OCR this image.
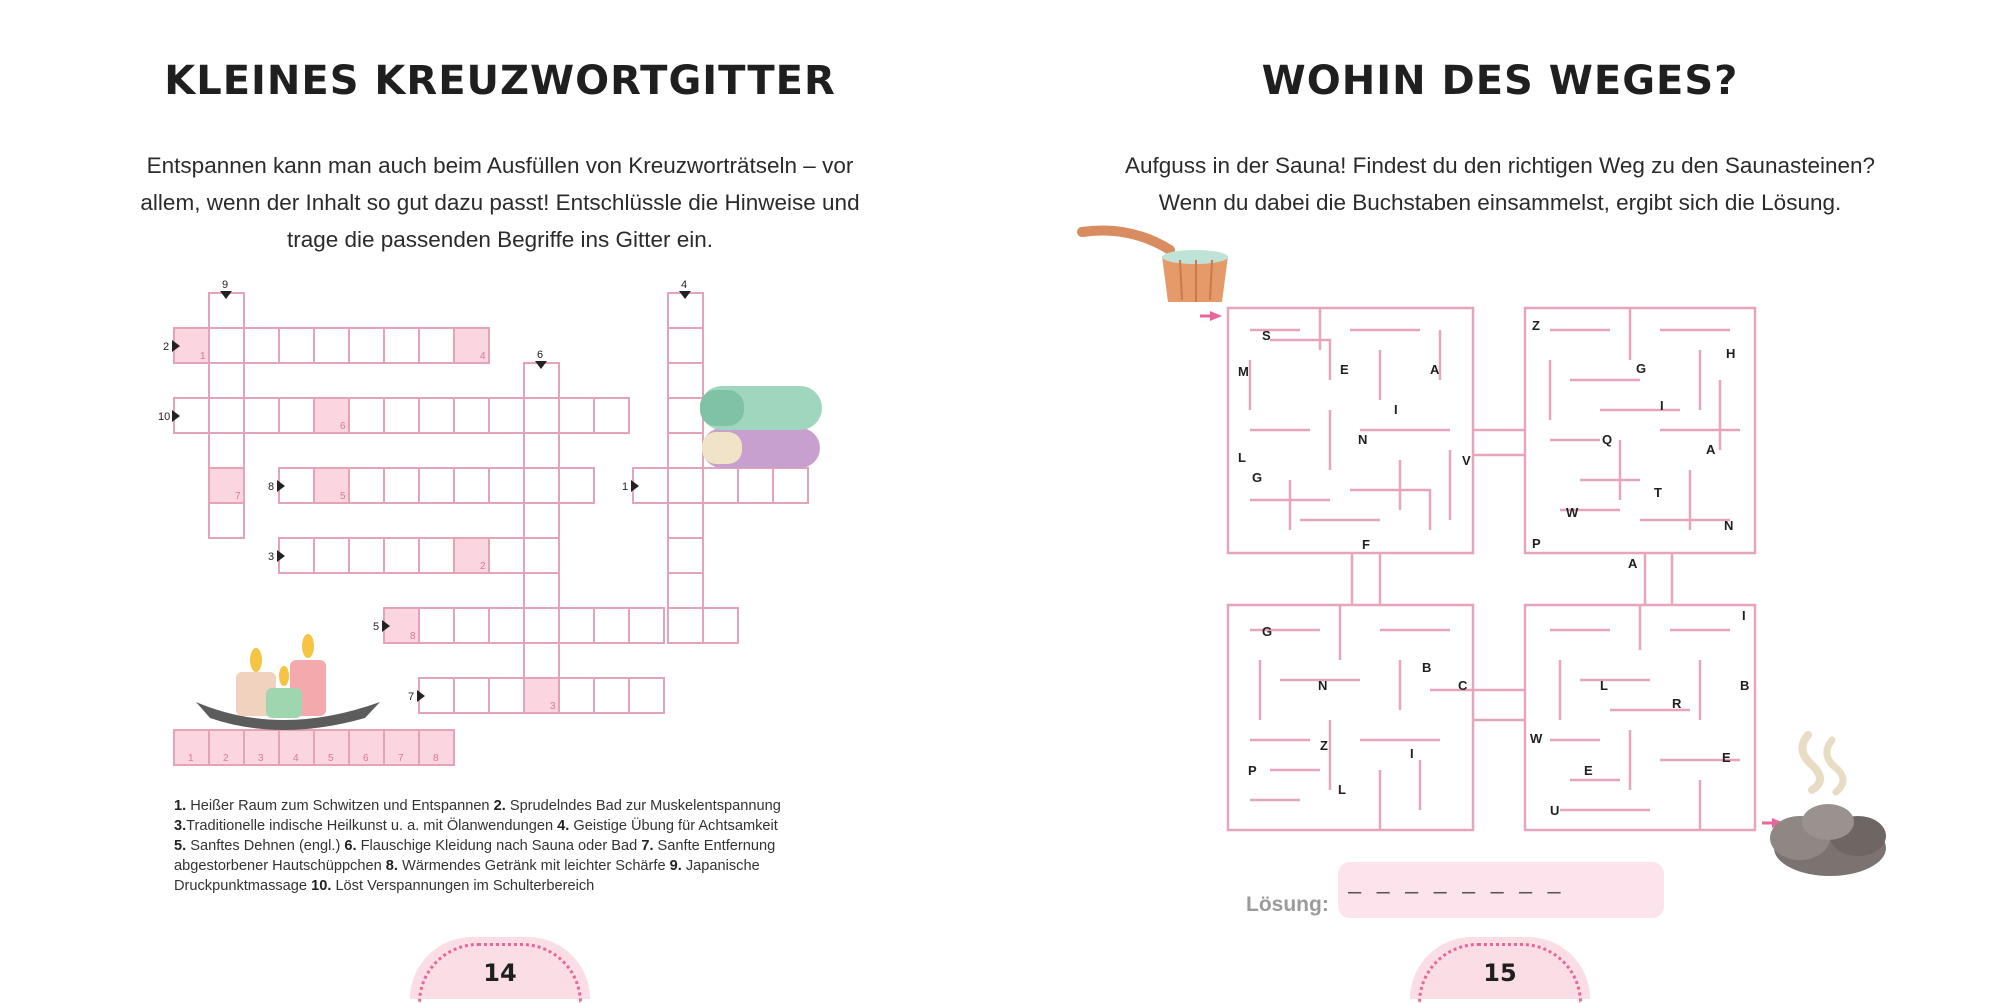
KLEINES KREUZWORTGITTER

Entspannen kann man auch beim Ausfüllen von Kreuzworträtseln – vor allem, wenn der Inhalt so gut dazu passt! Entschlüssle die Hinweise und trage die passenden Begriffe ins Gitter ein.

9	4
6
2
10
8	1
3
5
7
1	4
6
7	5
2
8
3
1	2	3	4	5	6	7	8

1. Heißer Raum zum Schwitzen und Entspannen 2. Sprudelndes Bad zur Muskelentspannung
3.Traditionelle indische Heilkunst u. a. mit Ölanwendungen 4. Geistige Übung für Achtsamkeit
5. Sanftes Dehnen (engl.) 6. Flauschige Kleidung nach Sauna oder Bad 7. Sanfte Entfernung abgestorbener Hautschüppchen 8. Wärmendes Getränk mit leichter Schärfe 9. Japanische Druckpunktmassage 10. Löst Verspannungen im Schulterbereich

14
WOHIN DES WEGES?

Aufguss in der Sauna! Findest du den richtigen Weg zu den Saunasteinen? Wenn du dabei die Buchstaben einsammelst, ergibt sich die Lösung.

S
M	E	A
I
N
L
G
V
Z
H
G
I
Q
A
T
W
N
P
F
A
G
B
C
N	L
I
R
B
Z
I
W
P	E
E
L
U
Lösung: — — — — — — — —
15
